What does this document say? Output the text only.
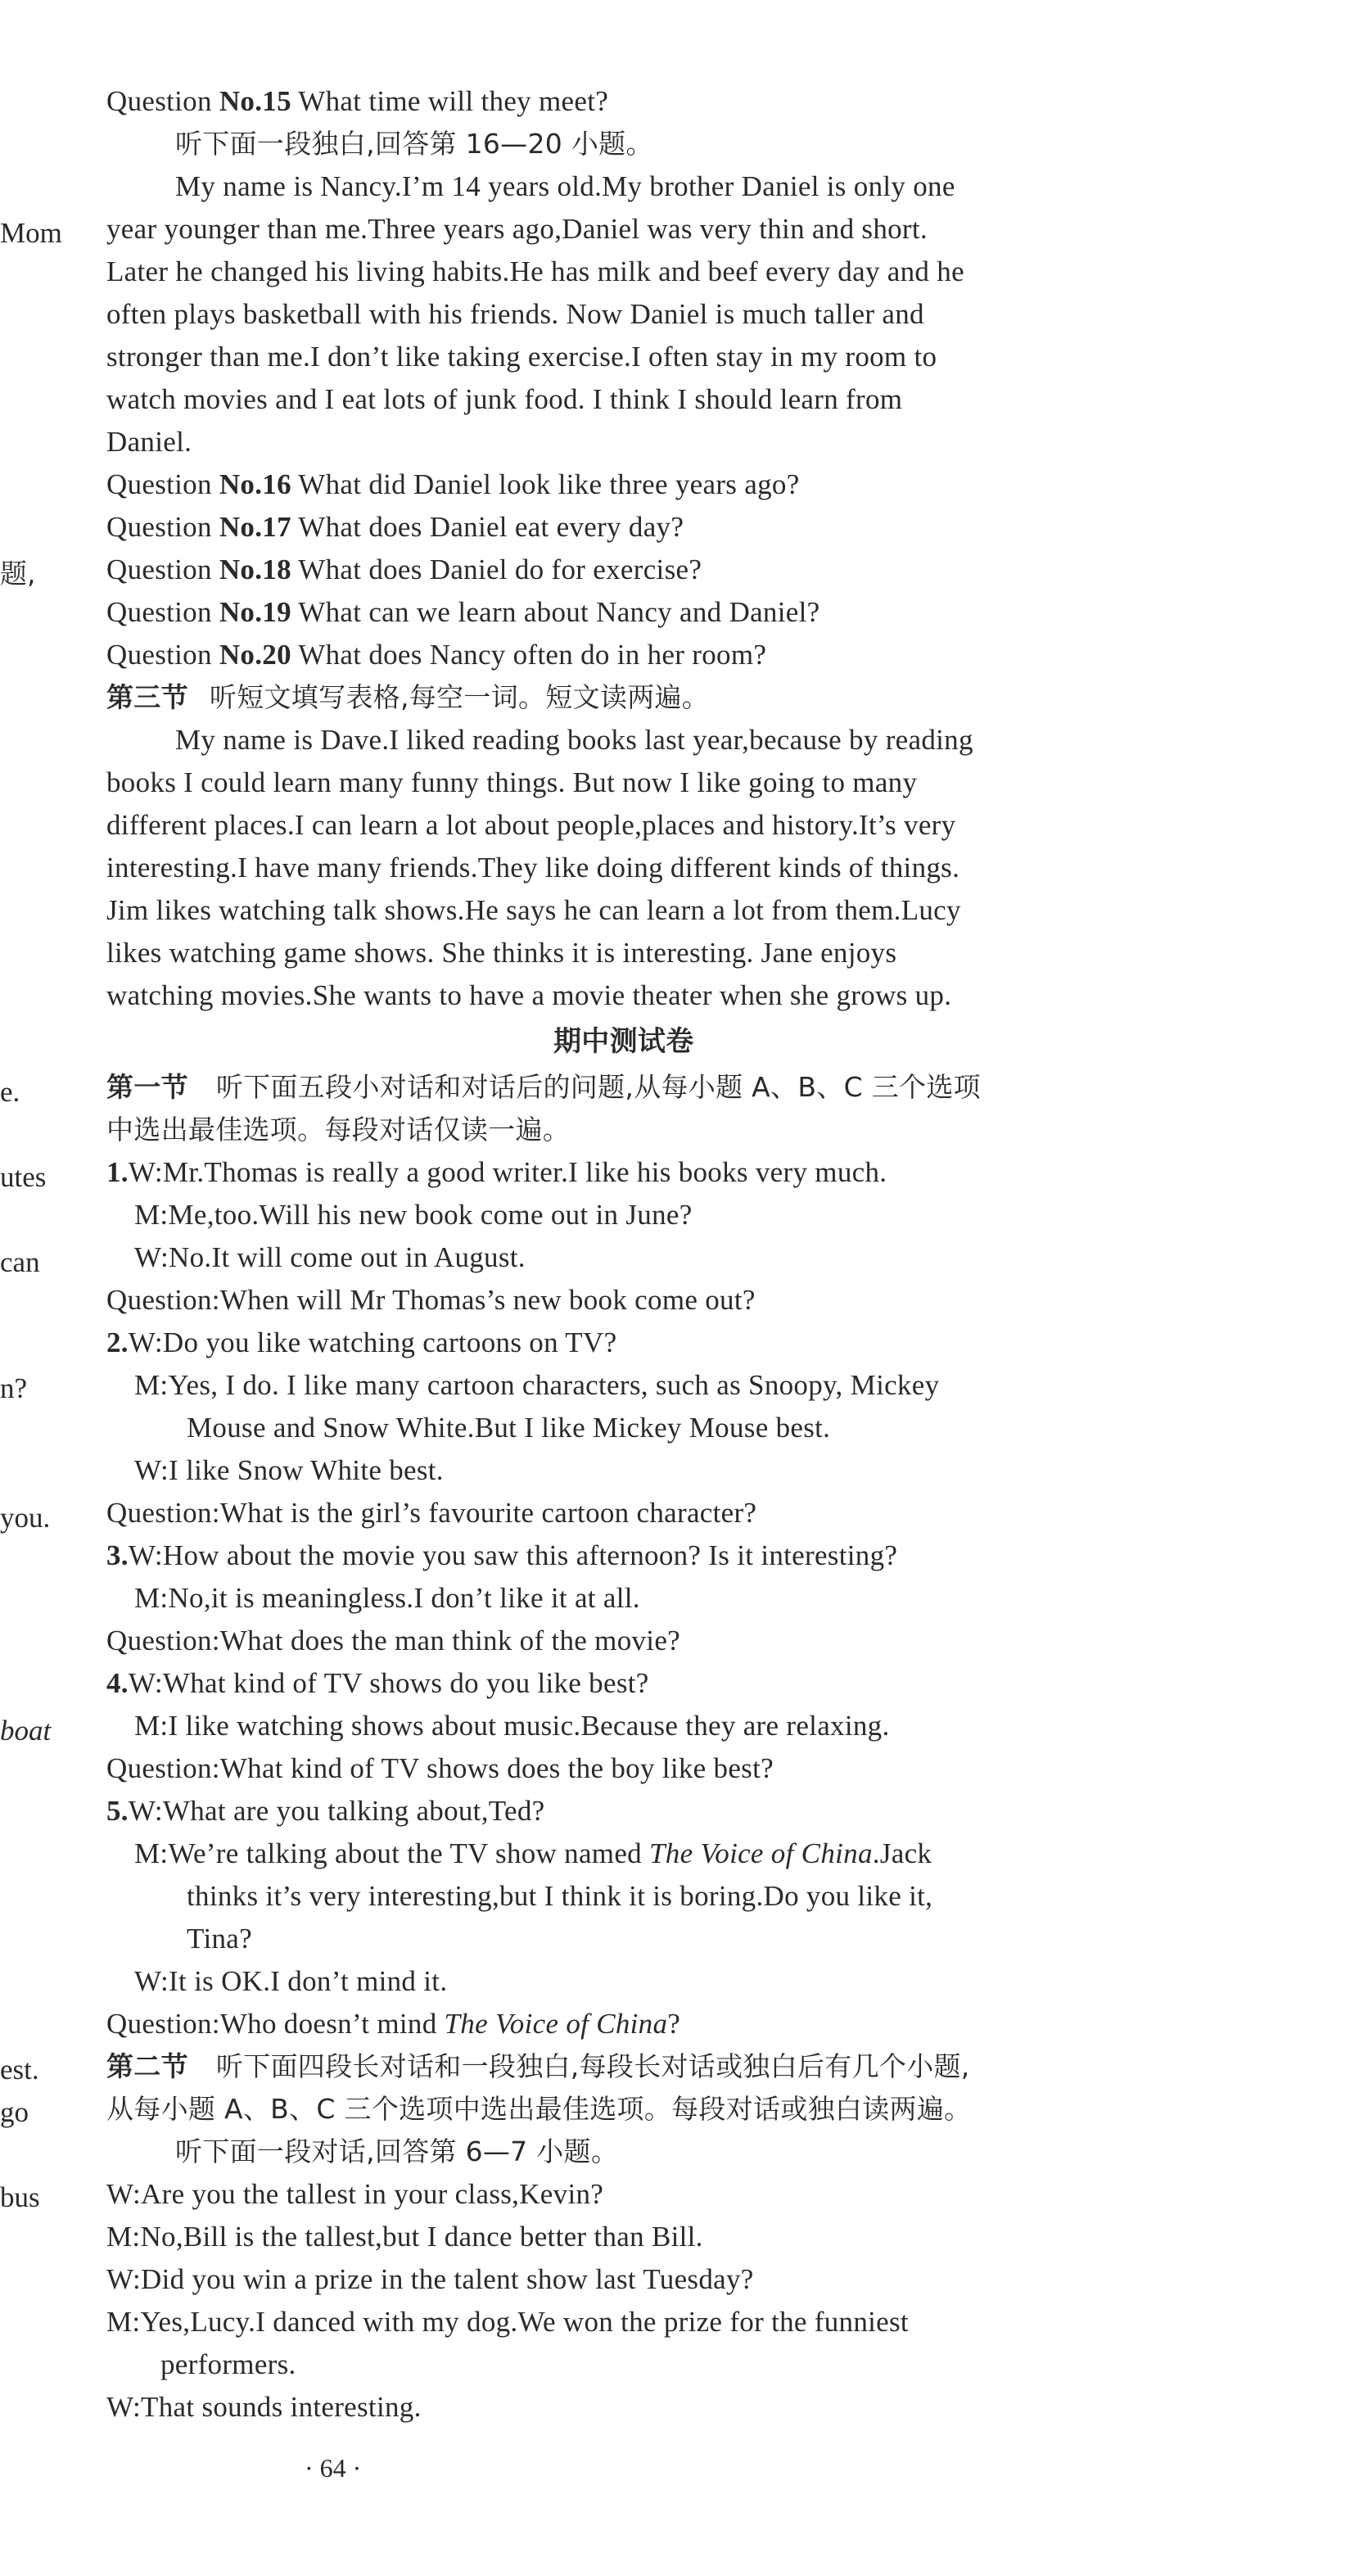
Mom
题,
e.
utes
can
n?
you.
boat
est.
go
bus
Question No.15 What time will they meet?
听下面一段独白,回答第 16—20 小题。
My name is Nancy.I’m 14 years old.My brother Daniel is only one
year younger than me.Three years ago,Daniel was very thin and short.
Later he changed his living habits.He has milk and beef every day and he
often plays basketball with his friends. Now Daniel is much taller and
stronger than me.I don’t like taking exercise.I often stay in my room to
watch movies and I eat lots of junk food. I think I should learn from
Daniel.
Question No.16 What did Daniel look like three years ago?
Question No.17 What does Daniel eat every day?
Question No.18 What does Daniel do for exercise?
Question No.19 What can we learn about Nancy and Daniel?
Question No.20 What does Nancy often do in her room?
第三节 听短文填写表格,每空一词。短文读两遍。
My name is Dave.I liked reading books last year,because by reading
books I could learn many funny things. But now I like going to many
different places.I can learn a lot about people,places and history.It’s very
interesting.I have many friends.They like doing different kinds of things.
Jim likes watching talk shows.He says he can learn a lot from them.Lucy
likes watching game shows. She thinks it is interesting. Jane enjoys
watching movies.She wants to have a movie theater when she grows up.
期中测试卷
第一节 听下面五段小对话和对话后的问题,从每小题 A、B、C 三个选项
中选出最佳选项。每段对话仅读一遍。
1.W:Mr.Thomas is really a good writer.I like his books very much.
M:Me,too.Will his new book come out in June?
W:No.It will come out in August.
Question:When will Mr Thomas’s new book come out?
2.W:Do you like watching cartoons on TV?
M:Yes, I do. I like many cartoon characters, such as Snoopy, Mickey
Mouse and Snow White.But I like Mickey Mouse best.
W:I like Snow White best.
Question:What is the girl’s favourite cartoon character?
3.W:How about the movie you saw this afternoon? Is it interesting?
M:No,it is meaningless.I don’t like it at all.
Question:What does the man think of the movie?
4.W:What kind of TV shows do you like best?
M:I like watching shows about music.Because they are relaxing.
Question:What kind of TV shows does the boy like best?
5.W:What are you talking about,Ted?
M:We’re talking about the TV show named The Voice of China.Jack
thinks it’s very interesting,but I think it is boring.Do you like it,
Tina?
W:It is OK.I don’t mind it.
Question:Who doesn’t mind The Voice of China?
第二节 听下面四段长对话和一段独白,每段长对话或独白后有几个小题,
从每小题 A、B、C 三个选项中选出最佳选项。每段对话或独白读两遍。
听下面一段对话,回答第 6—7 小题。
W:Are you the tallest in your class,Kevin?
M:No,Bill is the tallest,but I dance better than Bill.
W:Did you win a prize in the talent show last Tuesday?
M:Yes,Lucy.I danced with my dog.We won the prize for the funniest
performers.
W:That sounds interesting.
· 64 ·
